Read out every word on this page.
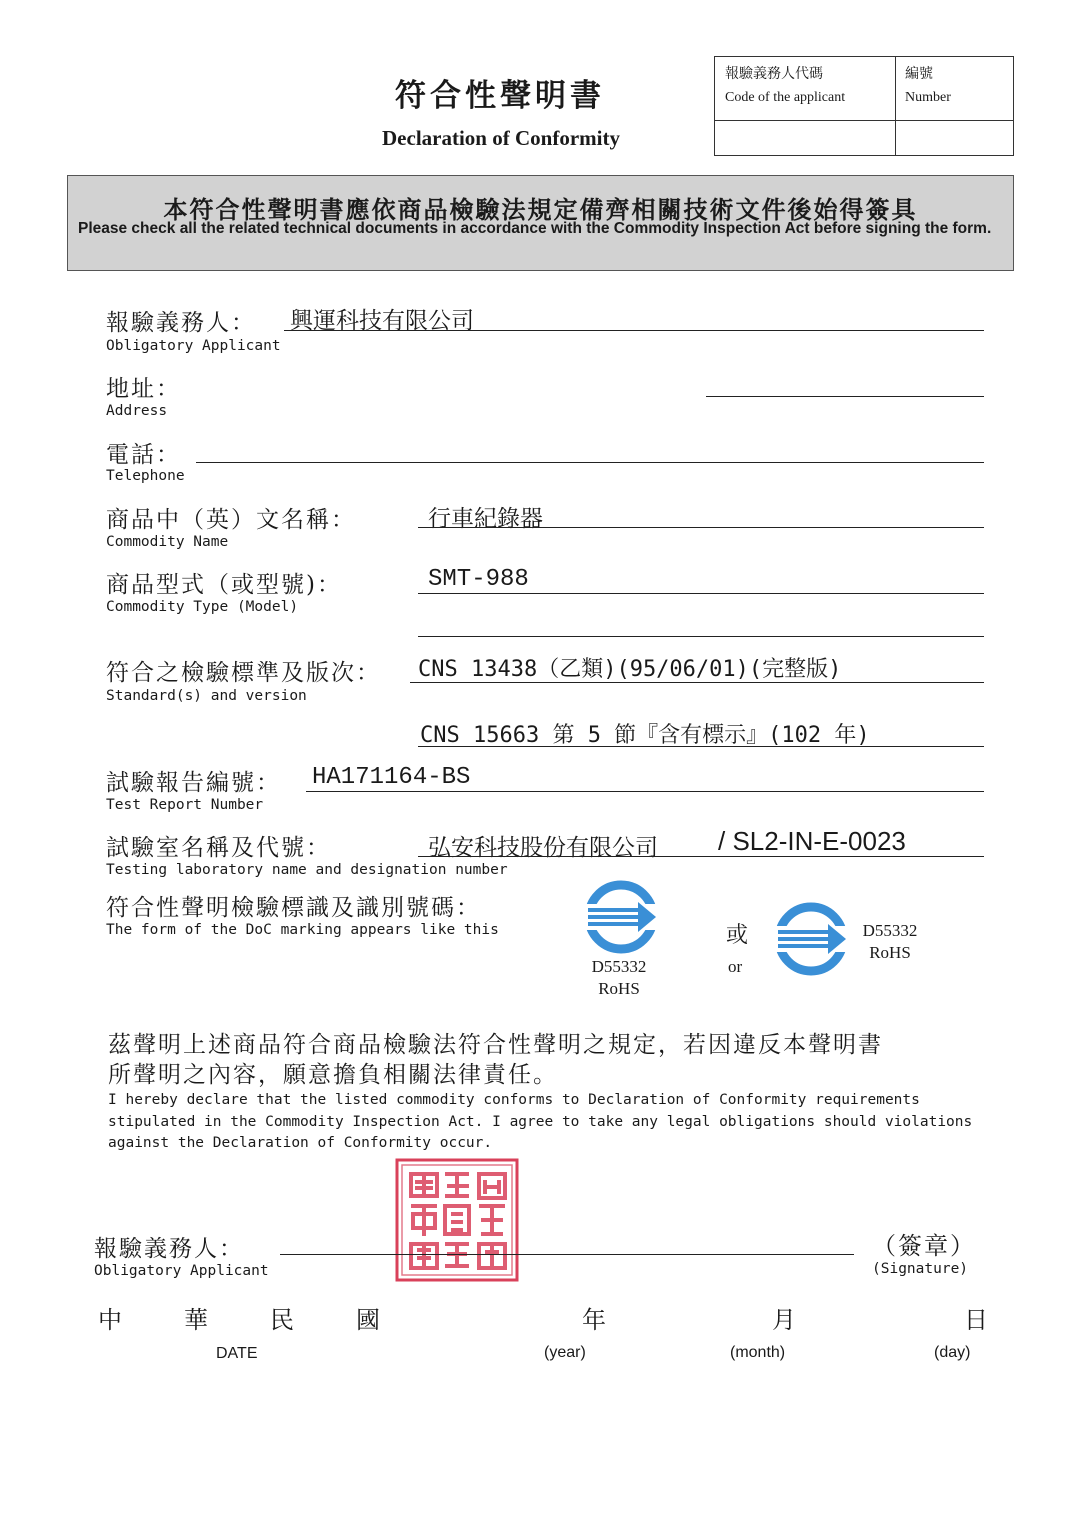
符合性聲明書
Declaration of Conformity
報驗義務人代碼
Code of the applicant
編號
Number
本符合性聲明書應依商品檢驗法規定備齊相關技術文件後始得簽具
Please check all the related technical documents in accordance with the Commodity Inspection Act before signing the form.
報驗義務人： 興運科技有限公司
Obligatory Applicant
地址：
Address
電話：
Telephone
商品中（英）文名稱：	行車紀錄器
Commodity Name
商品型式（或型號)：	SMT-988
Commodity Type (Model)
符合之檢驗標準及版次： CNS 13438（乙類)(95/06/01)(完整版)
Standard(s) and version
CNS 15663 第 5 節『含有標示』(102 年)
試驗報告編號： HA171164-BS
Test Report Number
試驗室名稱及代號：	弘安科技股份有限公司 / SL2-IN-E-0023
Testing laboratory name and designation number
符合性聲明檢驗標識及識別號碼：
The form of the DoC marking appears like this
D55332
RoHS
或
or
D55332
RoHS
茲聲明上述商品符合商品檢驗法符合性聲明之規定，若因違反本聲明書
所聲明之內容，願意擔負相關法律責任。
I hereby declare that the listed commodity conforms to Declaration of Conformity requirements
stipulated in the Commodity Inspection Act. I agree to take any legal obligations should violations
against the Declaration of Conformity occur.
報驗義務人：
Obligatory Applicant
（簽章）
(Signature)
中	華	民	國	年	月	日
DATE	(year)	(month)	(day)
